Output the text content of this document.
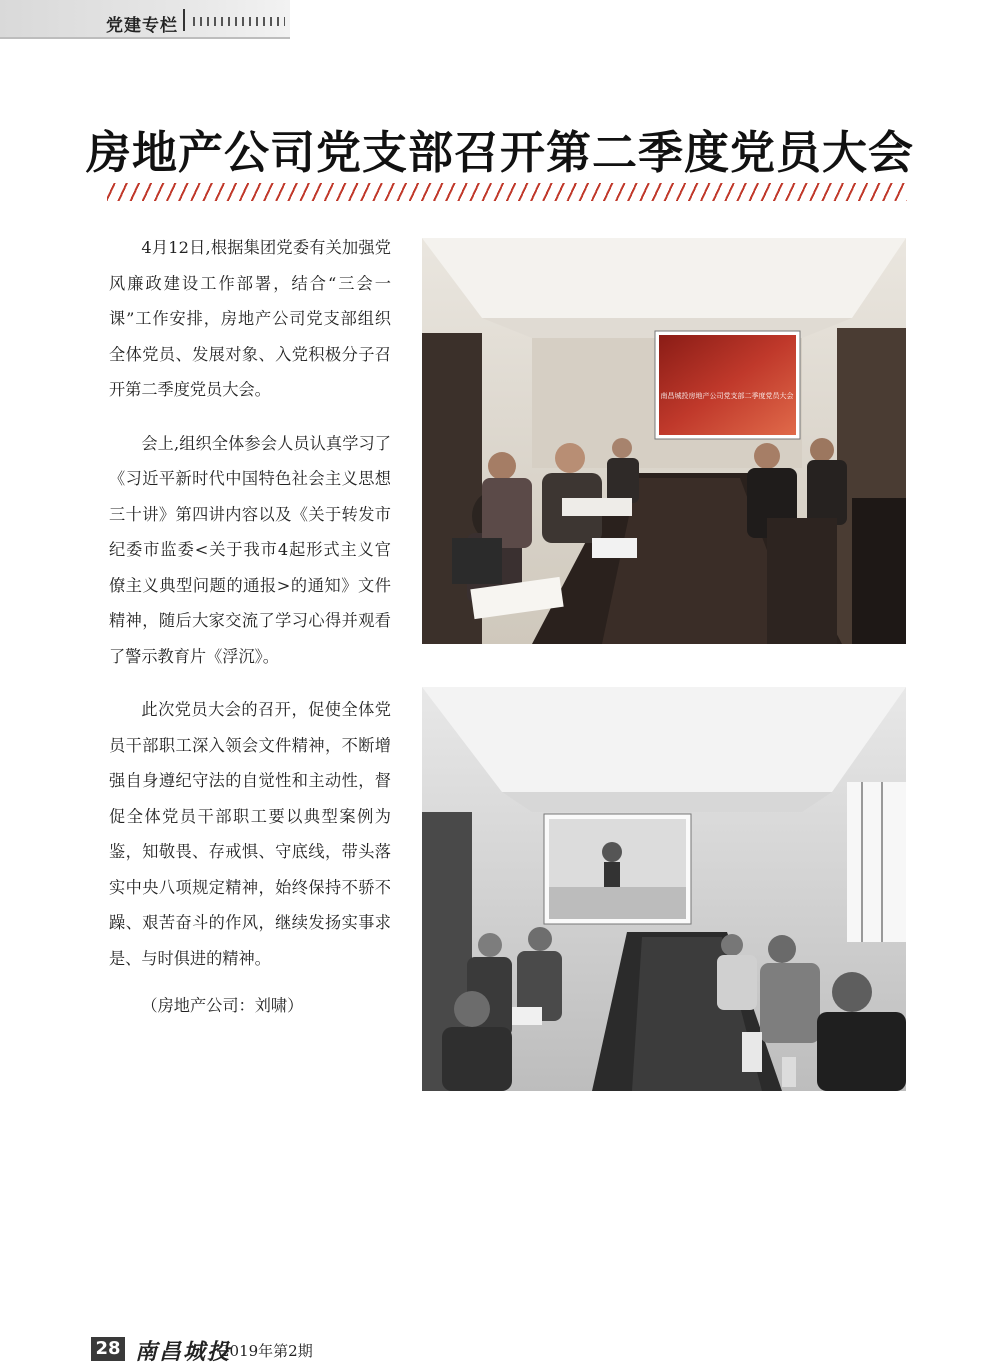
党建专栏
房地产公司党支部召开第二季度党员大会

4月12日,根据集团党委有关加强党风廉政建设工作部署，结合“三会一课”工作安排，房地产公司党支部组织全体党员、发展对象、入党积极分子召开第二季度党员大会。

会上,组织全体参会人员认真学习了《习近平新时代中国特色社会主义思想三十讲》第四讲内容以及《关于转发市纪委市监委<关于我市4起形式主义官僚主义典型问题的通报>的通知》文件精神，随后大家交流了学习心得并观看了警示教育片《浮沉》。

此次党员大会的召开，促使全体党员干部职工深入领会文件精神，不断增强自身遵纪守法的自觉性和主动性，督促全体党员干部职工要以典型案例为鉴，知敬畏、存戒惧、守底线，带头落实中央八项规定精神，始终保持不骄不躁、艰苦奋斗的作风，继续发扬实事求是、与时俱进的精神。

（房地产公司：刘啸）

南昌城投房地产公司党支部二季度党员大会
28 南昌城投
2019年第2期
